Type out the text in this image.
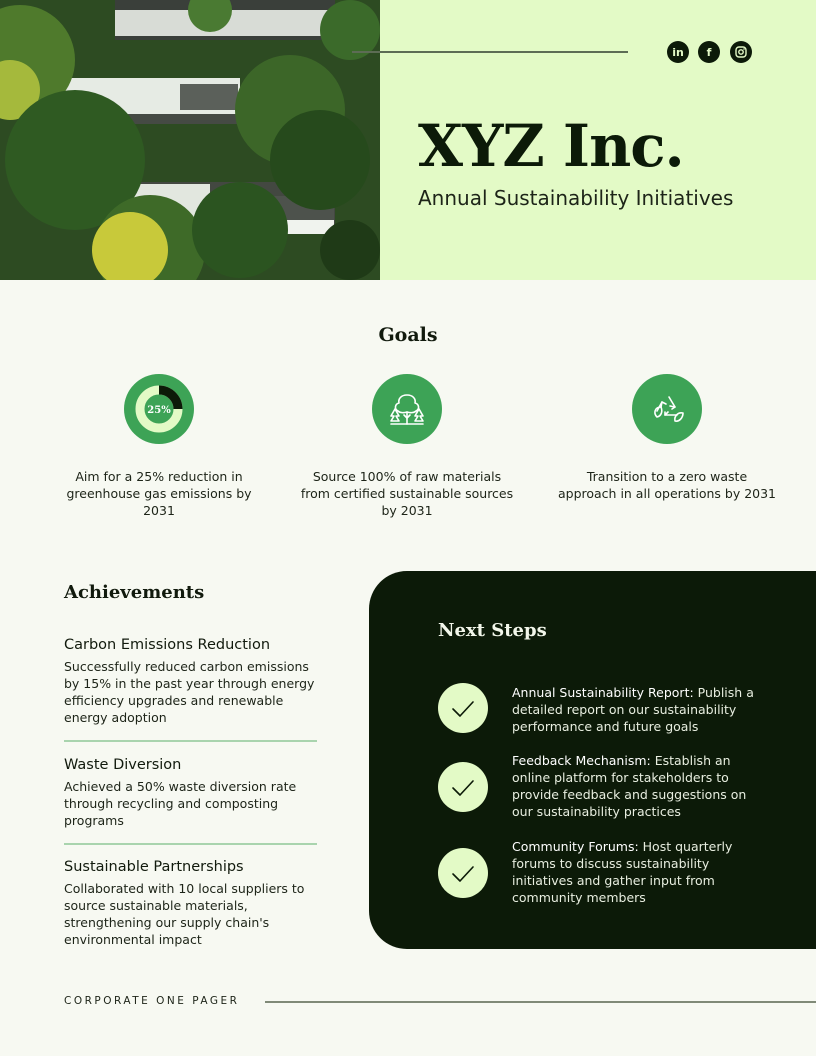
in	f
XYZ Inc.
Annual Sustainability Initiatives
Goals
25%
Aim for a 25% reduction in greenhouse gas emissions by 2031
Source 100% of raw materials from certified sustainable sources by 2031
Transition to a zero waste approach in all operations by 2031
Achievements
Carbon Emissions Reduction
Successfully reduced carbon emissions by 15% in the past year through energy efficiency upgrades and renewable energy adoption
Waste Diversion
Achieved a 50% waste diversion rate through recycling and composting programs
Sustainable Partnerships
Collaborated with 10 local suppliers to source sustainable materials, strengthening our supply chain's environmental impact
Next Steps
Annual Sustainability Report: Publish a detailed report on our sustainability performance and future goals
Feedback Mechanism: Establish an online platform for stakeholders to provide feedback and suggestions on our sustainability practices
Community Forums: Host quarterly forums to discuss sustainability initiatives and gather input from community members
CORPORATE ONE PAGER
